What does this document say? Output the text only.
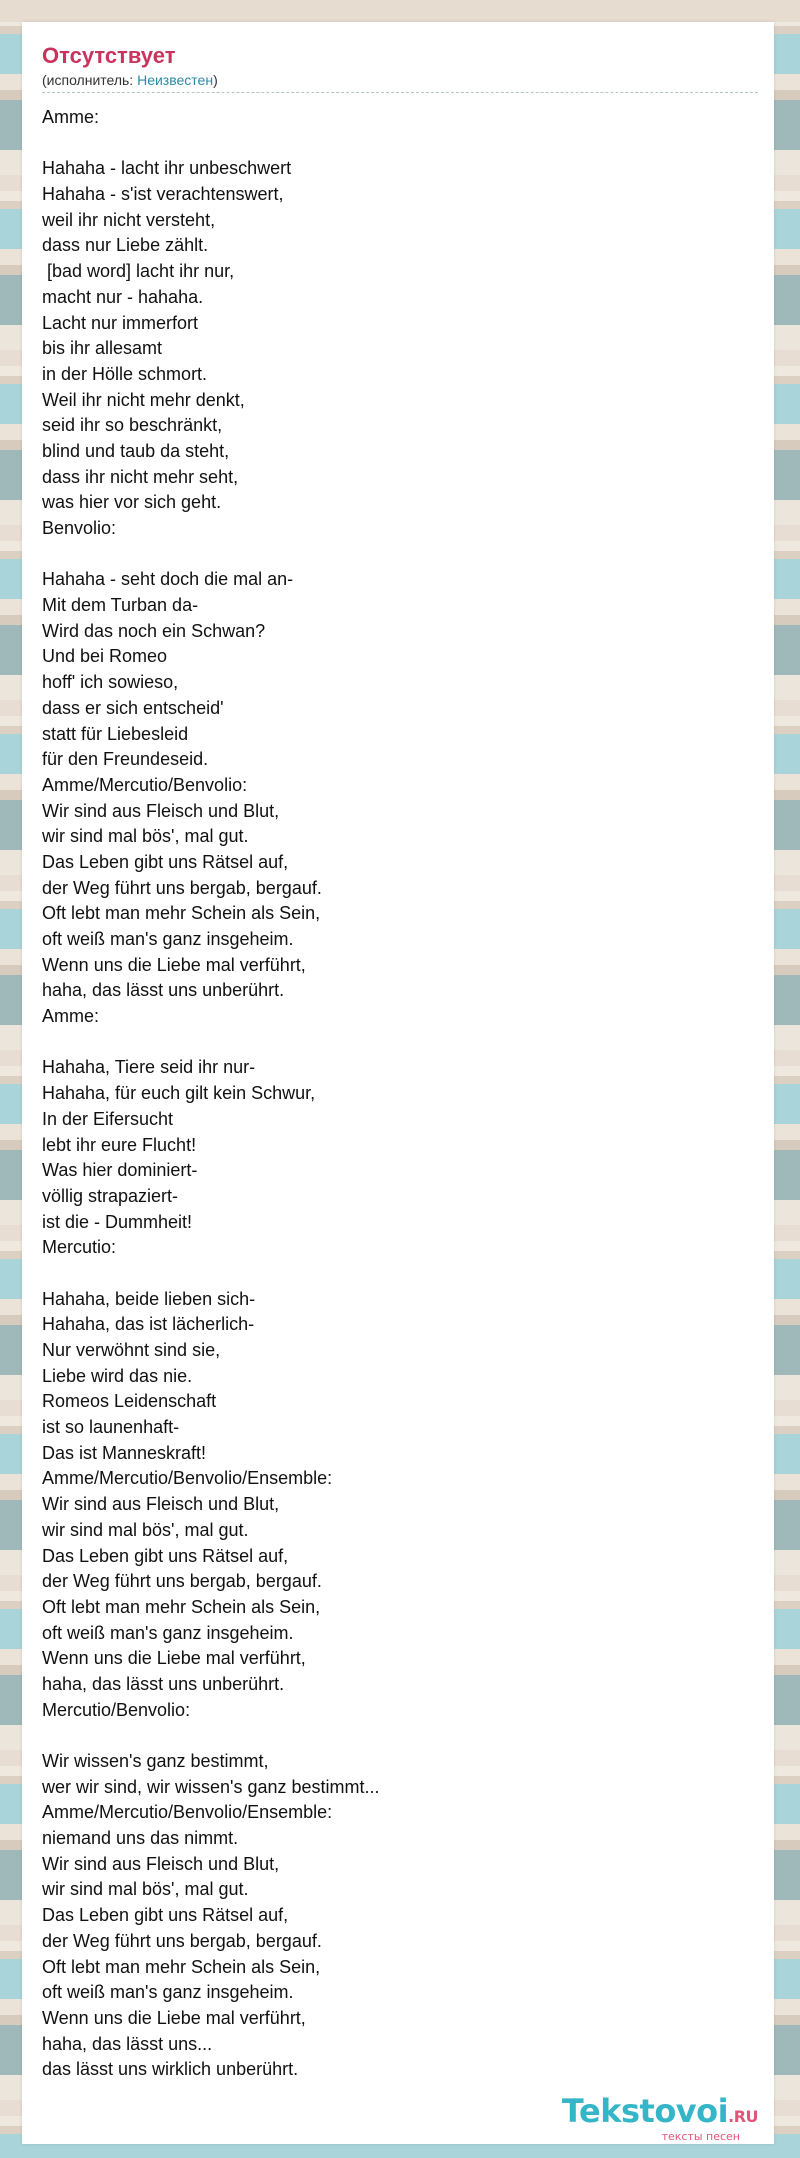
Отсутствует
(исполнитель: Неизвестен)
Amme:
Hahaha - lacht ihr unbeschwert
Hahaha - s'ist verachtenswert,
weil ihr nicht versteht,
dass nur Liebe zählt.
[bad word] lacht ihr nur,
macht nur - hahaha.
Lacht nur immerfort
bis ihr allesamt
in der Hölle schmort.
Weil ihr nicht mehr denkt,
seid ihr so beschränkt,
blind und taub da steht,
dass ihr nicht mehr seht,
was hier vor sich geht.
Benvolio:
Hahaha - seht doch die mal an-
Mit dem Turban da-
Wird das noch ein Schwan?
Und bei Romeo
hoff' ich sowieso,
dass er sich entscheid'
statt für Liebesleid
für den Freundeseid.
Amme/Mercutio/Benvolio:
Wir sind aus Fleisch und Blut,
wir sind mal bös', mal gut.
Das Leben gibt uns Rätsel auf,
der Weg führt uns bergab, bergauf.
Oft lebt man mehr Schein als Sein,
oft weiß man's ganz insgeheim.
Wenn uns die Liebe mal verführt,
haha, das lässt uns unberührt.
Amme:
Hahaha, Tiere seid ihr nur-
Hahaha, für euch gilt kein Schwur,
In der Eifersucht
lebt ihr eure Flucht!
Was hier dominiert-
völlig strapaziert-
ist die - Dummheit!
Mercutio:
Hahaha, beide lieben sich-
Hahaha, das ist lächerlich-
Nur verwöhnt sind sie,
Liebe wird das nie.
Romeos Leidenschaft
ist so launenhaft-
Das ist Manneskraft!
Amme/Mercutio/Benvolio/Ensemble:
Wir sind aus Fleisch und Blut,
wir sind mal bös', mal gut.
Das Leben gibt uns Rätsel auf,
der Weg führt uns bergab, bergauf.
Oft lebt man mehr Schein als Sein,
oft weiß man's ganz insgeheim.
Wenn uns die Liebe mal verführt,
haha, das lässt uns unberührt.
Mercutio/Benvolio:
Wir wissen's ganz bestimmt,
wer wir sind, wir wissen's ganz bestimmt...
Amme/Mercutio/Benvolio/Ensemble:
niemand uns das nimmt.
Wir sind aus Fleisch und Blut,
wir sind mal bös', mal gut.
Das Leben gibt uns Rätsel auf,
der Weg führt uns bergab, bergauf.
Oft lebt man mehr Schein als Sein,
oft weiß man's ganz insgeheim.
Wenn uns die Liebe mal verführt,
haha, das lässt uns...
das lässt uns wirklich unberührt.
Tekstovoi.RU
тексты песен
